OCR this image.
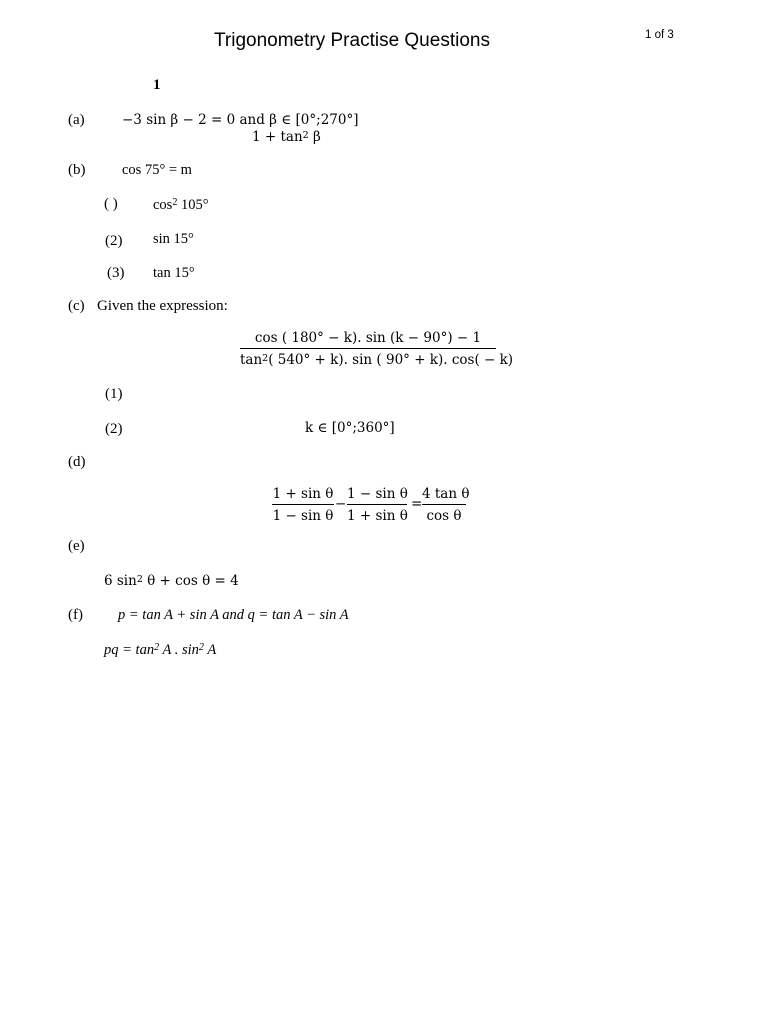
Trigonometry Practise Questions	1 of 3
1
(a)	−3 sin β − 2 = 0 and β ∈ [0°;270°]
$1 + \tan^2 \beta$
(b)	cos 75° = m
( ) $\cos^2 105^\circ$
(2) sin 15°
(3) tan 15°
(c) Given the expression:
cos ( 180° − k). sin (k − 90°) − 1
$\tan^2$( 540° + k). sin ( 90° + k). cos( − k)
(1)
(2)	k ∈ [0°;360°]
(d)
1 + sin θ
1 − sin θ
−
1 − sin θ
1 + sin θ
=
4 tan θ
cos θ
(e)
6 $\sin^2 \theta + \cos \theta = 4$
(f) p = tan A + sin A and q = tan A − sin A
pq = $\tan^2 A$ . $\sin^2 A$
